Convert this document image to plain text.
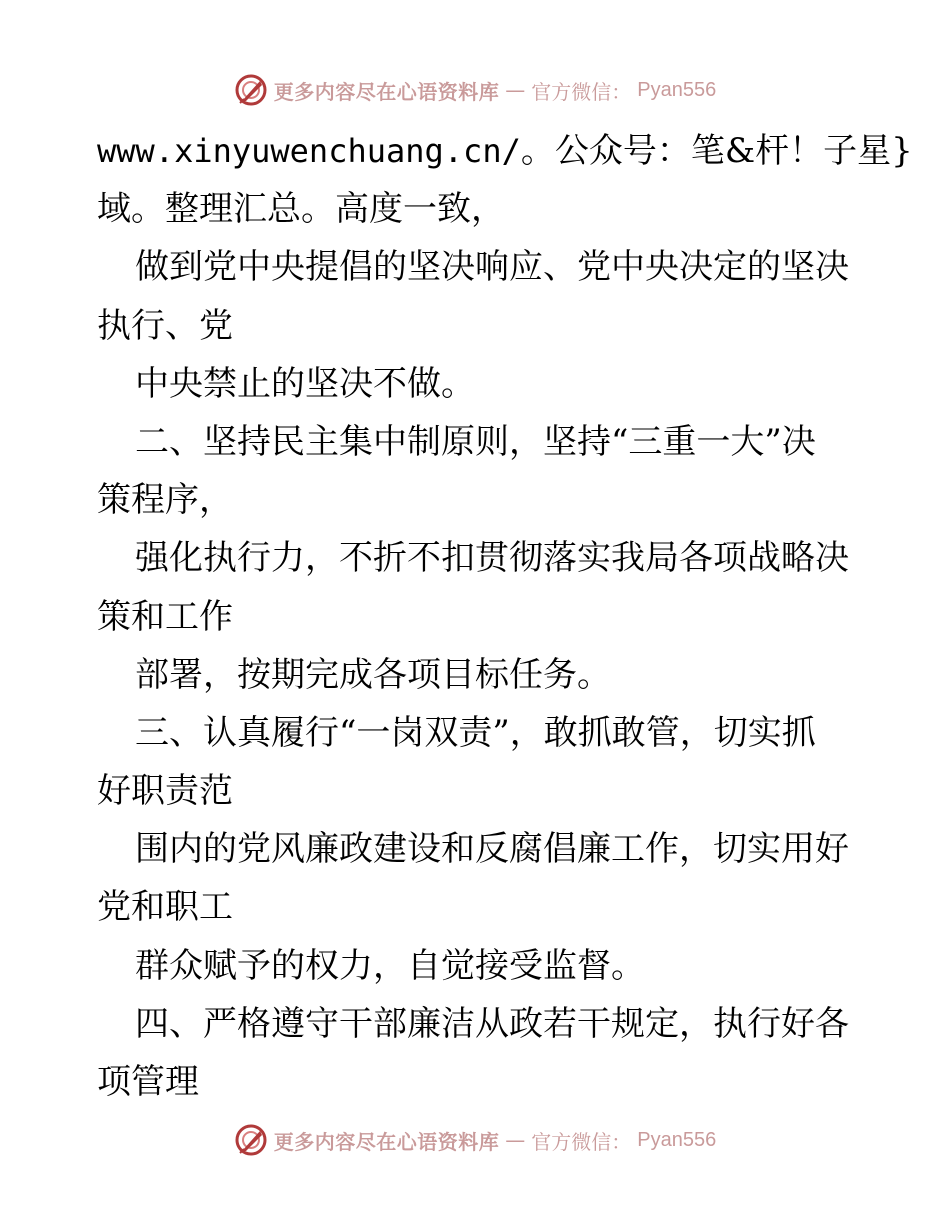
更多内容尽在心语资料库 — 官方微信： Pyan556
www.xinyuwenchuang.cn/。公众号：笔&杆！子星}
域。整理汇总。高度一致，
做到党中央提倡的坚决响应、党中央决定的坚决
执行、党
中央禁止的坚决不做。
二、坚持民主集中制原则，坚持“三重一大”决
策程序，
强化执行力，不折不扣贯彻落实我局各项战略决
策和工作
部署，按期完成各项目标任务。
三、认真履行“一岗双责”，敢抓敢管，切实抓
好职责范
围内的党风廉政建设和反腐倡廉工作，切实用好
党和职工
群众赋予的权力，自觉接受监督。
四、严格遵守干部廉洁从政若干规定，执行好各
项管理
更多内容尽在心语资料库 — 官方微信： Pyan556
